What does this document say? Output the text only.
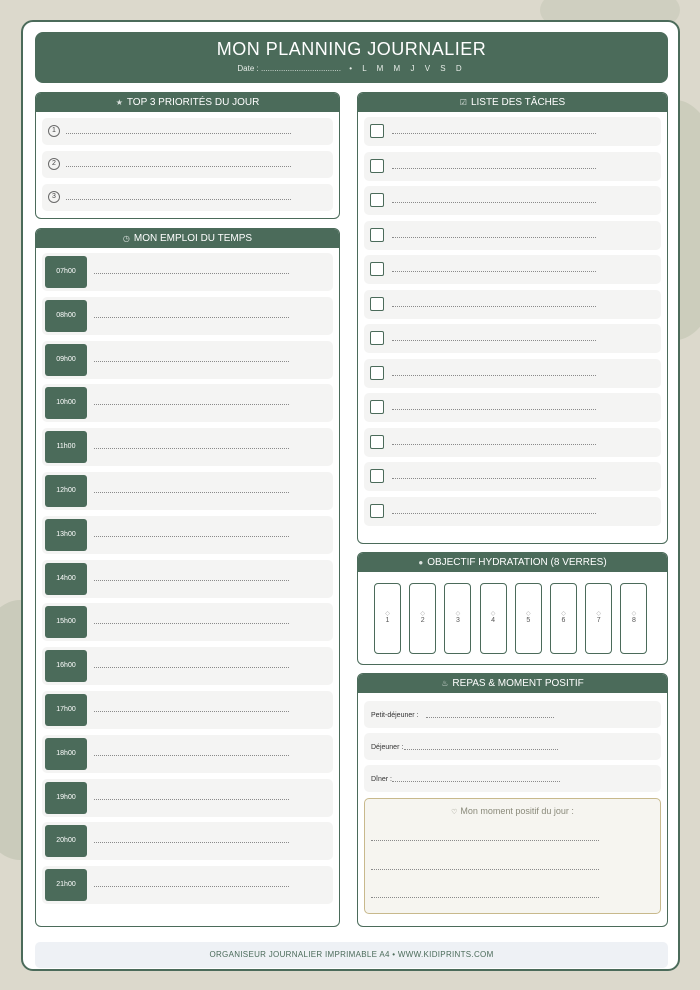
MON PLANNING JOURNALIER
Date : .................................... • L M M J V S D
★ TOP 3 PRIORITÉS DU JOUR
1
2
3
◷ MON EMPLOI DU TEMPS
07h00
08h00
09h00
10h00
11h00
12h00
13h00
14h00
15h00
16h00
17h00
18h00
19h00
20h00
21h00
☑ LISTE DES TÂCHES
● OBJECTIF HYDRATATION (8 VERRES)
◇
1
◇
2
◇
3
◇
4
◇
5
◇
6
◇
7
◇
8
♨ REPAS & MOMENT POSITIF
Petit-déjeuner :
Déjeuner :
Dîner :
♡ Mon moment positif du jour :
ORGANISEUR JOURNALIER IMPRIMABLE A4 • WWW.KIDIPRINTS.COM
